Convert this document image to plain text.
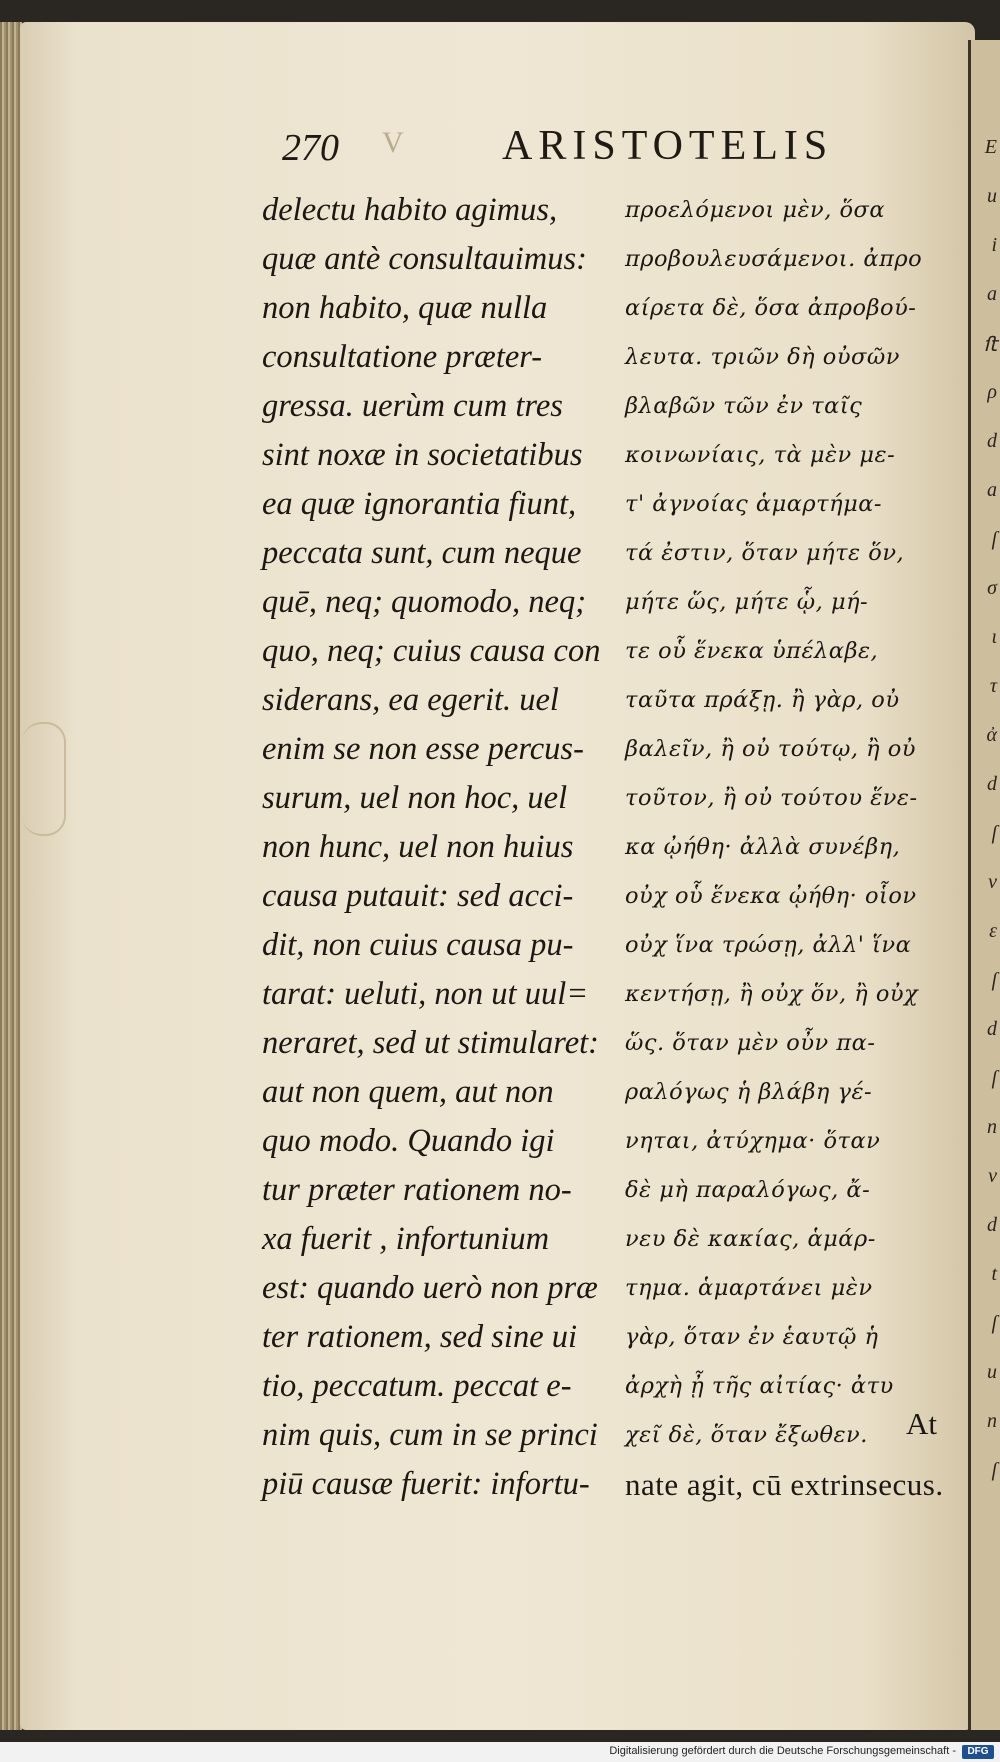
E
u
i
a
ﬅ
ρ
d
a
ſ
σ
ι
τ
ἀ
d
ſ
ν
ε
ſ
d
ſ
n
ν
d
t
ſ
u
n
ſ
270 V ARISTOTELIS
delectu habito agimus,
quæ antè consultauimus:
non habito, quæ nulla
consultatione præter-
gressa. uerùm cum tres
sint noxæ in societatibus
ea quæ ignorantia fiunt,
peccata sunt, cum neque
quē, neq; quomodo, neq;
quo, neq; cuius causa con
siderans, ea egerit. uel
enim se non esse percus-
surum, uel non hoc, uel
non hunc, uel non huius
causa putauit: sed acci-
dit, non cuius causa pu-
tarat: ueluti, non ut uul=
neraret, sed ut stimularet:
aut non quem, aut non
quo modo. Quando igi
tur præter rationem no-
xa fuerit , infortunium
est: quando uerò non præ
ter rationem, sed sine ui
tio, peccatum. peccat e-
nim quis, cum in se princi
piū causæ fuerit: infortu-
προελόμενοι μὲν, ὅσα
προβουλευσάμενοι. ἀπρο
αίρετα δὲ, ὅσα ἀπροβού-
λευτα. τριῶν δὴ οὐσῶν
βλαβῶν τῶν ἐν ταῖς
κοινωνίαις, τὰ μὲν με-
τ' ἀγνοίας ἁμαρτήμα-
τά ἐστιν, ὅταν μήτε ὅν,
μήτε ὥς, μήτε ᾧ, μή-
τε οὗ ἕνεκα ὑπέλαβε,
ταῦτα πράξῃ. ἢ γὰρ, οὐ
βαλεῖν, ἢ οὐ τούτῳ, ἢ οὐ
τοῦτον, ἢ οὐ τούτου ἕνε-
κα ᾠήθη· ἀλλὰ συνέβη,
οὐχ οὗ ἕνεκα ᾠήθη· οἷον
οὐχ ἵνα τρώσῃ, ἀλλ' ἵνα
κεντήσῃ, ἢ οὐχ ὅν, ἢ οὐχ
ὥς. ὅταν μὲν οὖν πα-
ραλόγως ἡ βλάβη γέ-
νηται, ἀτύχημα· ὅταν
δὲ μὴ παραλόγως, ἄ-
νευ δὲ κακίας, ἁμάρ-
τημα. ἁμαρτάνει μὲν
γὰρ, ὅταν ἐν ἑαυτῷ ἡ
ἀρχὴ ᾖ τῆς αἰτίας· ἀτυ
χεῖ δὲ, ὅταν ἔξωθεν.
nate agit, cū extrinsecus.
At
Digitalisierung gefördert durch die Deutsche Forschungsgemeinschaft -	DFG
